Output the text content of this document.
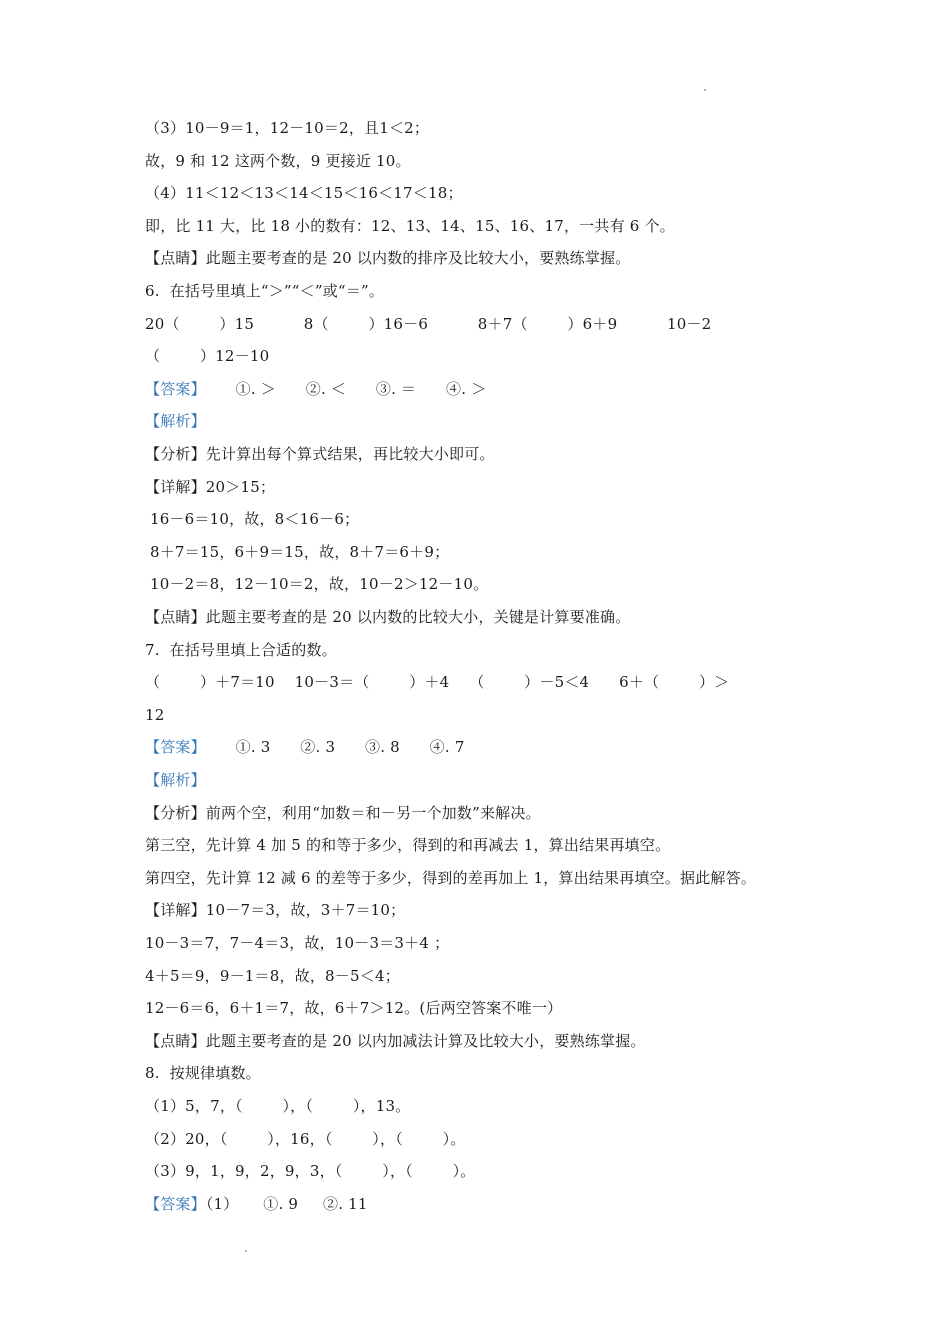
（3）10－9＝1，12－10＝2，且1＜2；
故，9 和 12 这两个数，9 更接近 10。
（4）11＜12＜13＜14＜15＜16＜17＜18；
即，比 11 大，比 18 小的数有：12、13、14、15、16、17，一共有 6 个。
【点睛】此题主要考查的是 20 以内数的排序及比较大小，要熟练掌握。
6.  在括号里填上“＞”“＜”或“＝”。
20（        ）15          8（        ）16－6          8＋7（        ）6＋9          10－2
（        ）12－10
【答案】      ①. ＞      ②. ＜      ③. ＝      ④. ＞
【解析】
【分析】先计算出每个算式结果，再比较大小即可。
【详解】20＞15；
16－6＝10，故，8＜16－6；
8＋7＝15，6＋9＝15，故，8＋7＝6＋9；
10－2＝8，12－10＝2，故，10－2＞12－10。
【点睛】此题主要考查的是 20 以内数的比较大小，关键是计算要准确。
7.  在括号里填上合适的数。
（        ）＋7＝10    10－3＝（        ）＋4    （        ）－5＜4      6＋（        ）＞
12
【答案】      ①. 3      ②. 3      ③. 8      ④. 7
【解析】
【分析】前两个空，利用“加数＝和－另一个加数”来解决。
第三空，先计算 4 加 5 的和等于多少，得到的和再减去 1，算出结果再填空。
第四空，先计算 12 减 6 的差等于多少，得到的差再加上 1，算出结果再填空。据此解答。
【详解】10－7＝3，故，3＋7＝10；
10－3＝7，7－4＝3，故，10－3＝3＋4 ；
4＋5＝9，9－1＝8，故，8－5＜4；
12－6＝6，6＋1＝7，故，6＋7＞12。(后两空答案不唯一）
【点睛】此题主要考查的是 20 以内加减法计算及比较大小，要熟练掌握。
8.  按规律填数。
（1）5，7，（        ），（        ），13。
（2）20，（        ），16，（        ），（        ）。
（3）9，1，9，2，9，3，（        ），（        ）。
【答案】（1）     ①. 9     ②. 11
